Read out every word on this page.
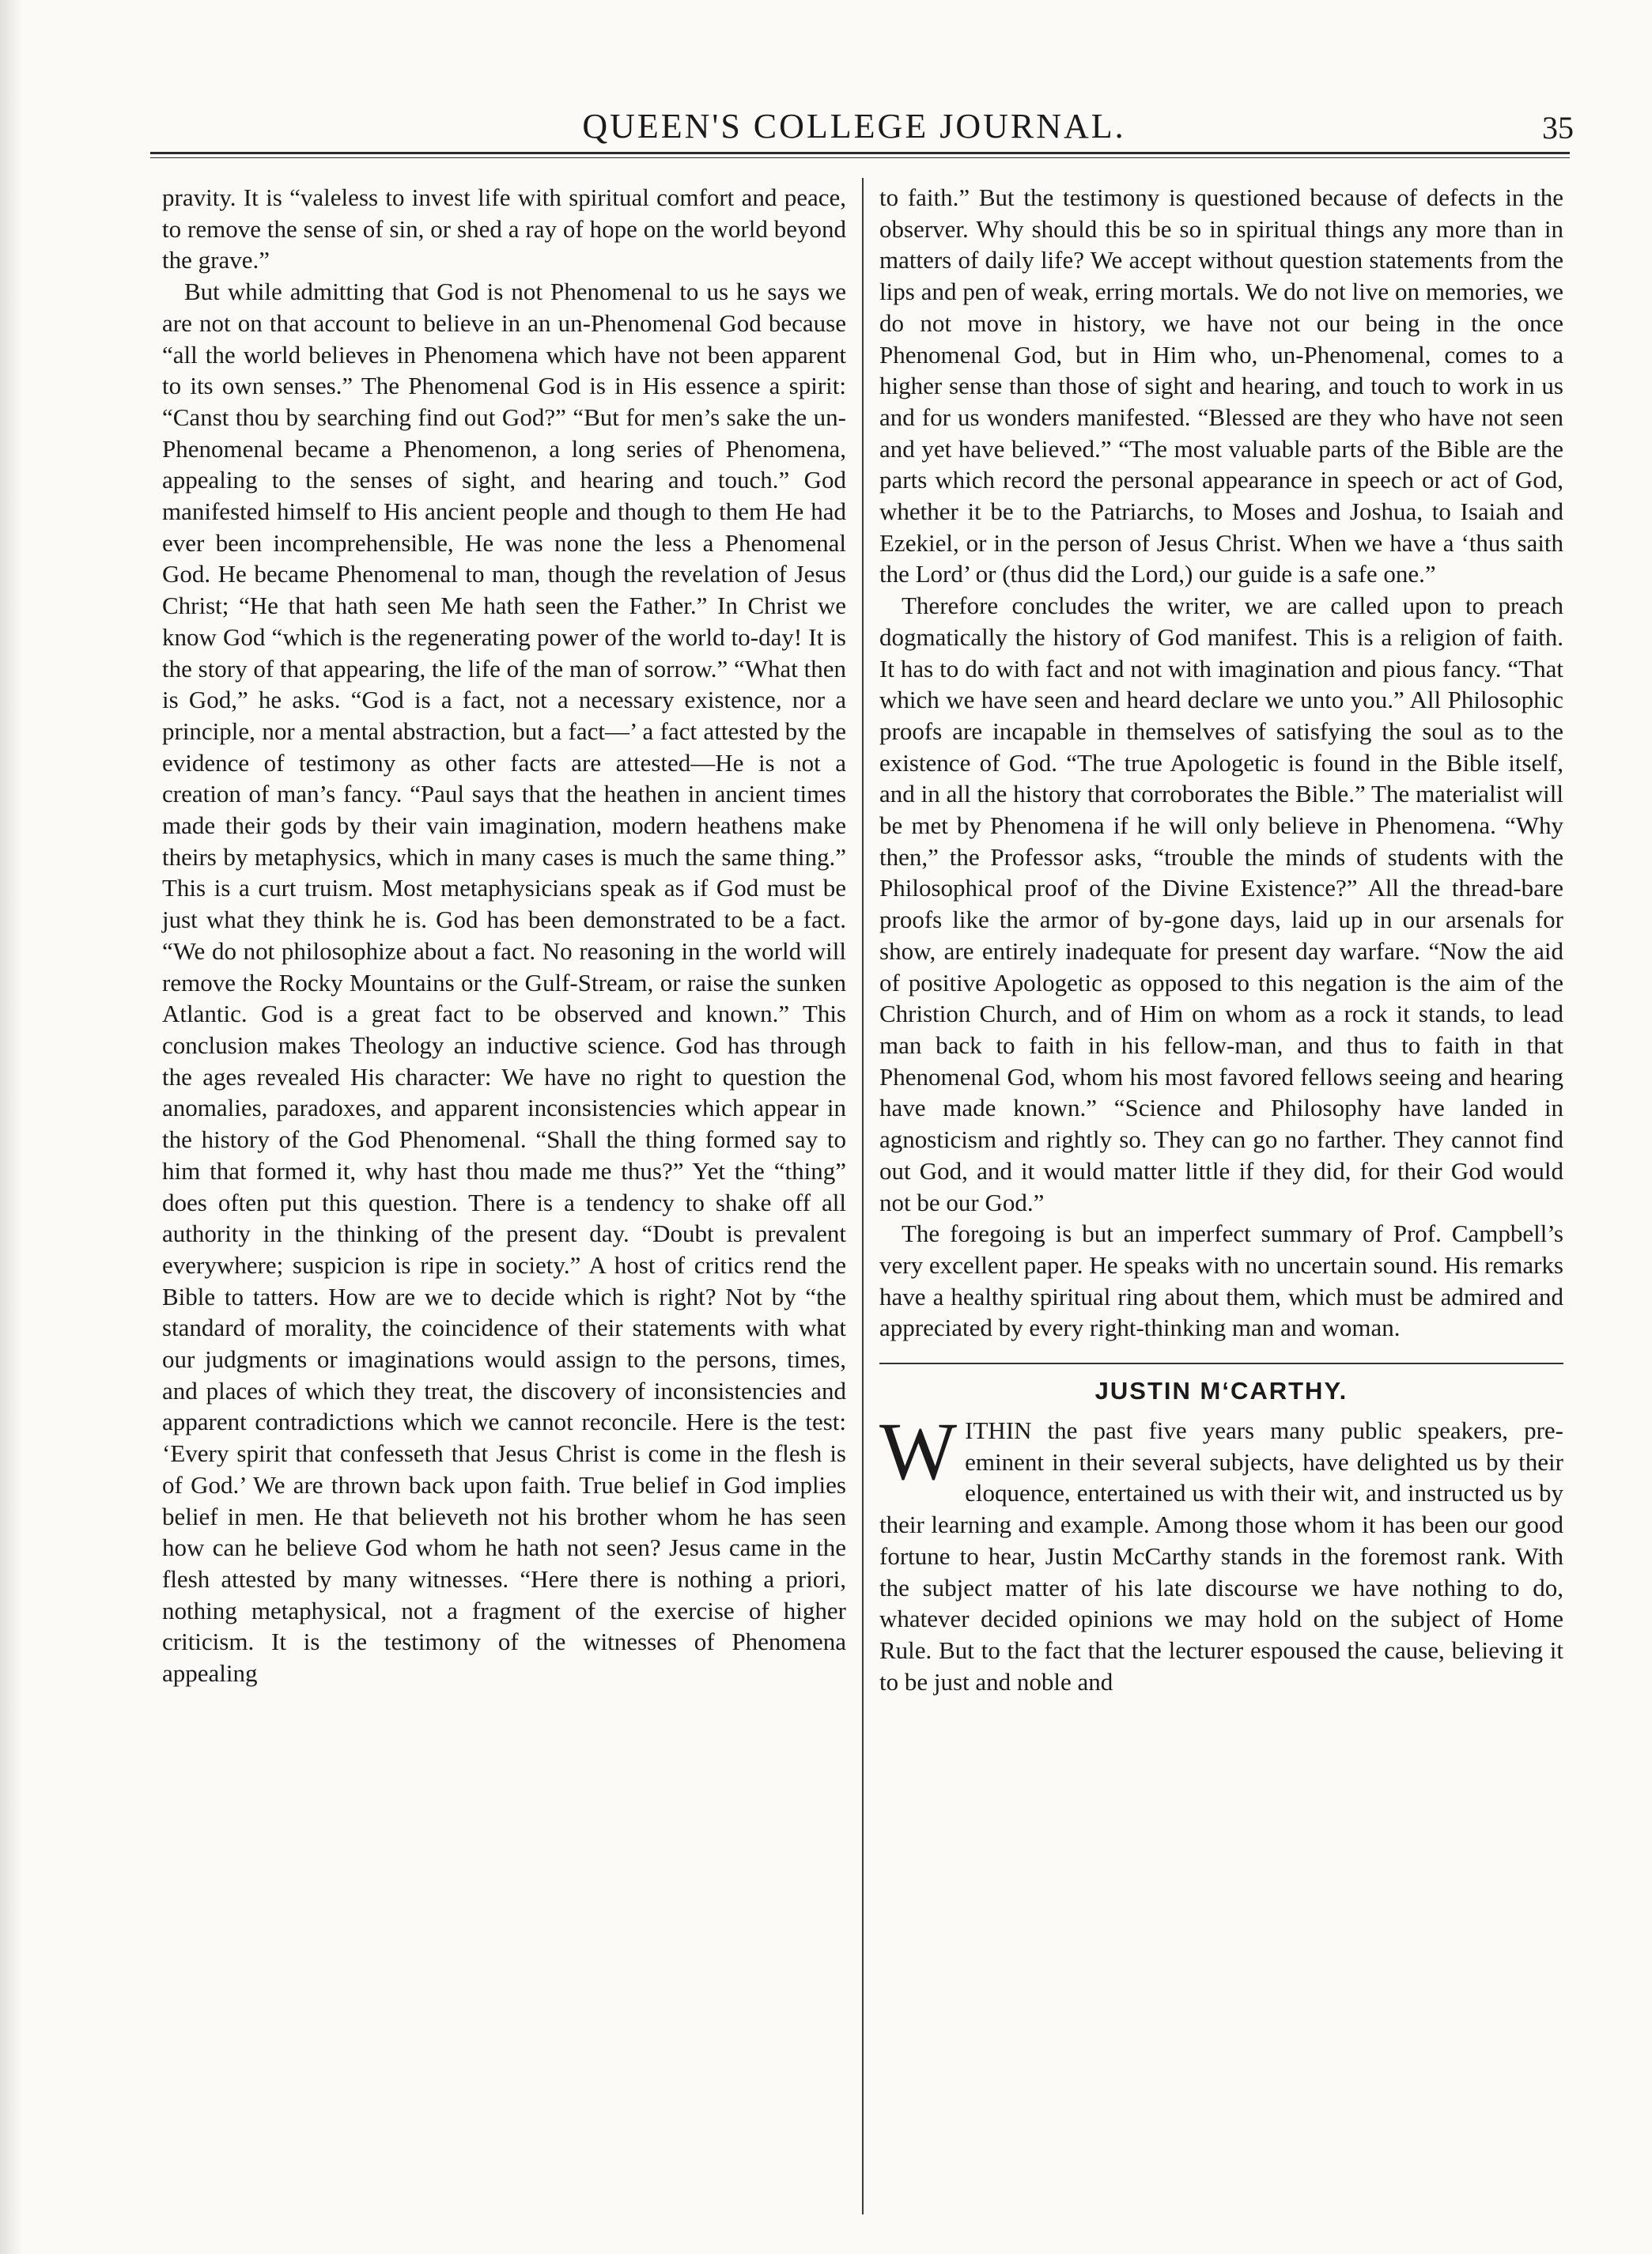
QUEEN'S COLLEGE JOURNAL.	35

pravity. It is “valeless to invest life with spiritual comfort and peace, to remove the sense of sin, or shed a ray of hope on the world beyond the grave.”

But while admitting that God is not Phenomenal to us he says we are not on that account to believe in an un-Phenomenal God because “all the world believes in Phenomena which have not been apparent to its own senses.” The Phenomenal God is in His essence a spirit: “Canst thou by searching find out God?” “But for men’s sake the un-Phenomenal became a Phenomenon, a long series of Phenomena, appealing to the senses of sight, and hearing and touch.” God manifested himself to His ancient people and though to them He had ever been incomprehensible, He was none the less a Phenomenal God. He became Phenomenal to man, though the revelation of Jesus Christ; “He that hath seen Me hath seen the Father.” In Christ we know God “which is the regenerating power of the world to-day! It is the story of that appearing, the life of the man of sorrow.” “What then is God,” he asks. “God is a fact, not a necessary existence, nor a principle, nor a mental abstraction, but a fact—’ a fact attested by the evidence of testimony as other facts are attested—He is not a creation of man’s fancy. “Paul says that the heathen in ancient times made their gods by their vain imagination, modern heathens make theirs by metaphysics, which in many cases is much the same thing.” This is a curt truism. Most metaphysicians speak as if God must be just what they think he is. God has been demonstrated to be a fact. “We do not philosophize about a fact. No reasoning in the world will remove the Rocky Mountains or the Gulf-Stream, or raise the sunken Atlantic. God is a great fact to be observed and known.” This conclusion makes Theology an inductive science. God has through the ages revealed His character: We have no right to question the anomalies, paradoxes, and apparent inconsistencies which appear in the history of the God Phenomenal. “Shall the thing formed say to him that formed it, why hast thou made me thus?” Yet the “thing” does often put this question. There is a tendency to shake off all authority in the thinking of the present day. “Doubt is prevalent everywhere; suspicion is ripe in society.” A host of critics rend the Bible to tatters. How are we to decide which is right? Not by “the standard of morality, the coincidence of their statements with what our judgments or imaginations would assign to the persons, times, and places of which they treat, the discovery of inconsistencies and apparent contradictions which we cannot reconcile. Here is the test: ‘Every spirit that confesseth that Jesus Christ is come in the flesh is of God.’ We are thrown back upon faith. True belief in God implies belief in men. He that believeth not his brother whom he has seen how can he believe God whom he hath not seen? Jesus came in the flesh attested by many witnesses. “Here there is nothing a priori, nothing metaphysical, not a fragment of the exercise of higher criticism. It is the testimony of the witnesses of Phenomena appealing

to faith.” But the testimony is questioned because of defects in the observer. Why should this be so in spiritual things any more than in matters of daily life? We accept without question statements from the lips and pen of weak, erring mortals. We do not live on memories, we do not move in history, we have not our being in the once Phenomenal God, but in Him who, un-Phenomenal, comes to a higher sense than those of sight and hearing, and touch to work in us and for us wonders manifested. “Blessed are they who have not seen and yet have believed.” “The most valuable parts of the Bible are the parts which record the personal appearance in speech or act of God, whether it be to the Patriarchs, to Moses and Joshua, to Isaiah and Ezekiel, or in the person of Jesus Christ. When we have a ‘thus saith the Lord’ or (thus did the Lord,) our guide is a safe one.”

Therefore concludes the writer, we are called upon to preach dogmatically the history of God manifest. This is a religion of faith. It has to do with fact and not with imagination and pious fancy. “That which we have seen and heard declare we unto you.” All Philosophic proofs are incapable in themselves of satisfying the soul as to the existence of God. “The true Apologetic is found in the Bible itself, and in all the history that corroborates the Bible.” The materialist will be met by Phenomena if he will only believe in Phenomena. “Why then,” the Professor asks, “trouble the minds of students with the Philosophical proof of the Divine Existence?” All the thread-bare proofs like the armor of by-gone days, laid up in our arsenals for show, are entirely inadequate for present day warfare. “Now the aid of positive Apologetic as opposed to this negation is the aim of the Christion Church, and of Him on whom as a rock it stands, to lead man back to faith in his fellow-man, and thus to faith in that Phenomenal God, whom his most favored fellows seeing and hearing have made known.” “Science and Philosophy have landed in agnosticism and rightly so. They can go no farther. They cannot find out God, and it would matter little if they did, for their God would not be our God.”

The foregoing is but an imperfect summary of Prof. Campbell’s very excellent paper. He speaks with no uncertain sound. His remarks have a healthy spiritual ring about them, which must be admired and appreciated by every right-thinking man and woman.

JUSTIN M‘CARTHY.

WITHIN the past five years many public speakers, pre-eminent in their several subjects, have delighted us by their eloquence, entertained us with their wit, and instructed us by their learning and example. Among those whom it has been our good fortune to hear, Justin McCarthy stands in the foremost rank. With the subject matter of his late discourse we have nothing to do, whatever decided opinions we may hold on the subject of Home Rule. But to the fact that the lecturer espoused the cause, believing it to be just and noble and
